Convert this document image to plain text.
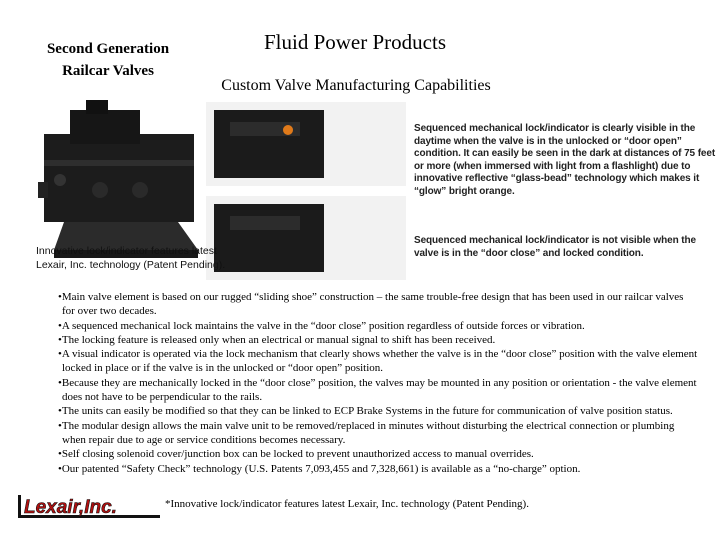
Second Generation
Railcar Valves
Fluid Power Products
Custom Valve Manufacturing Capabilities
Innovative lock/indicator features latest
Lexair, Inc. technology (Patent Pending).
Sequenced mechanical lock/indicator is clearly visible in the daytime when the valve is in the unlocked or “door open” condition. It can easily be seen in the dark at distances of 75 feet or more (when immersed with light from a flashlight) due to innovative reflective “glass-bead” technology which makes it “glow” bright orange.
Sequenced mechanical lock/indicator is not visible when the valve is in the “door close” and locked condition.
•Main valve element is based on our rugged “sliding shoe” construction – the same trouble-free design that has been used in our railcar valves for over two decades.
•A sequenced mechanical lock maintains the valve in the “door close” position regardless of outside forces or vibration.
•The locking feature is released only when an electrical or manual signal to shift has been received.
•A visual indicator is operated via the lock mechanism that clearly shows whether the valve is in the “door close” position with the valve element locked in place or if the valve is in the unlocked or “door open” position.
•Because they are mechanically locked in the “door close” position, the valves may be mounted in any position or orientation - the valve element does not have to be perpendicular to the rails.
•The units can easily be modified so that they can be linked to ECP Brake Systems in the future for communication of valve position status.
•The modular design allows the main valve unit to be removed/replaced in minutes without disturbing the electrical connection or plumbing when repair due to age or service conditions becomes necessary.
•Self closing solenoid cover/junction box can be locked to prevent unauthorized access to manual overrides.
•Our patented “Safety Check” technology (U.S. Patents 7,093,455 and 7,328,661) is available as a “no-charge” option.
Lexair,Inc.	*Innovative lock/indicator features latest Lexair, Inc. technology (Patent Pending).
